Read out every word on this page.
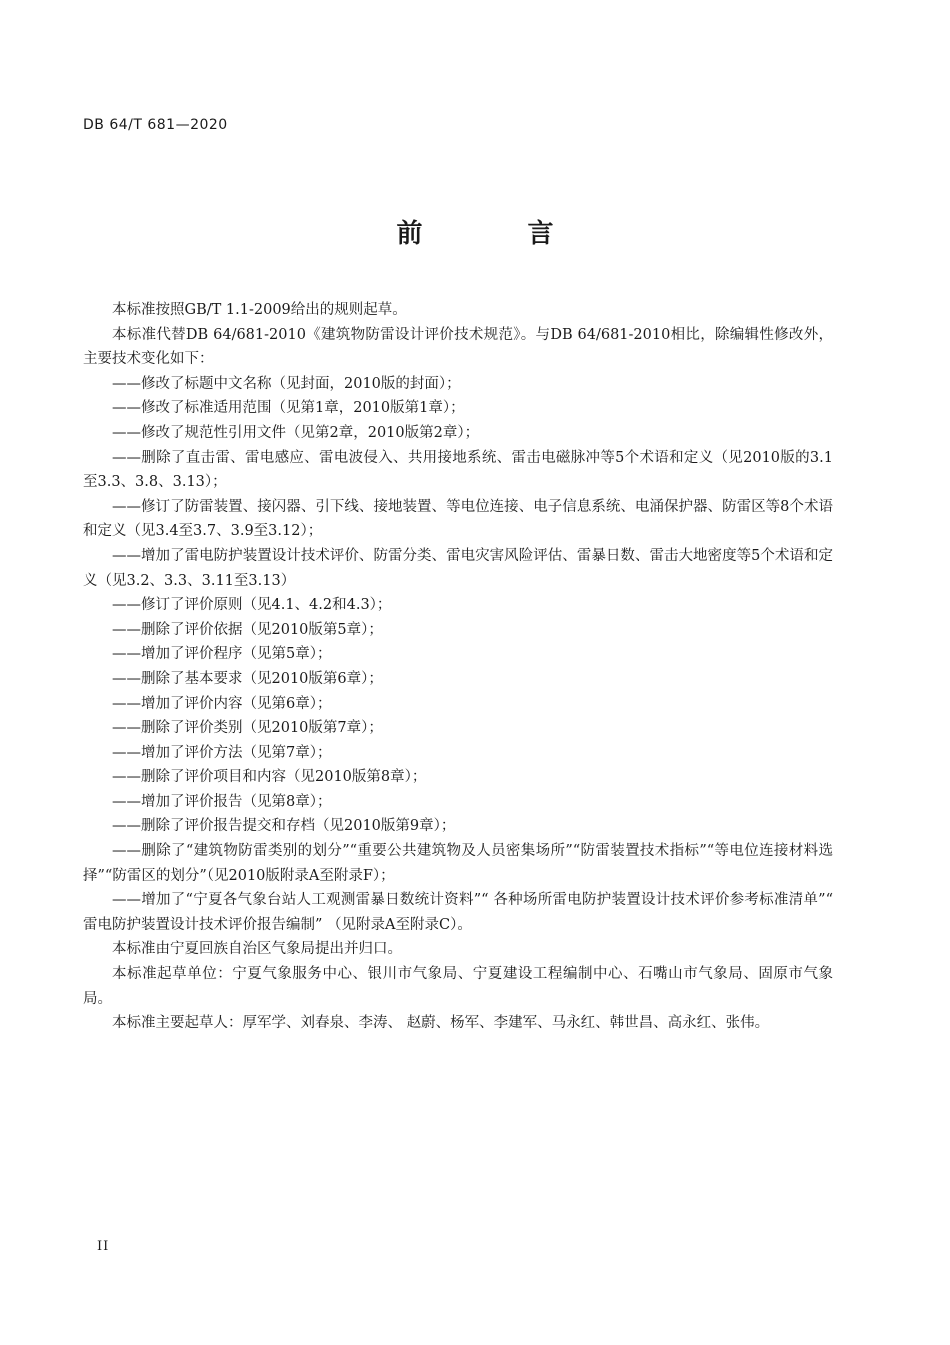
DB 64/T 681—2020
前 言

本标准按照GB/T 1.1-2009给出的规则起草。

本标准代替DB 64/681-2010《建筑物防雷设计评价技术规范》。与DB 64/681-2010相比，除编辑性修改外，主要技术变化如下：

——修改了标题中文名称（见封面，2010版的封面）；

——修改了标准适用范围（见第1章，2010版第1章）；

——修改了规范性引用文件（见第2章，2010版第2章）；

——删除了直击雷、雷电感应、雷电波侵入、共用接地系统、雷击电磁脉冲等5个术语和定义（见2010版的3.1至3.3、3.8、3.13）；

——修订了防雷装置、接闪器、引下线、接地装置、等电位连接、电子信息系统、电涌保护器、防雷区等8个术语和定义（见3.4至3.7、3.9至3.12）；

——增加了雷电防护装置设计技术评价、防雷分类、雷电灾害风险评估、雷暴日数、雷击大地密度等5个术语和定义（见3.2、3.3、3.11至3.13）

——修订了评价原则（见4.1、4.2和4.3）；

——删除了评价依据（见2010版第5章）；

——增加了评价程序（见第5章）；

——删除了基本要求（见2010版第6章）；

——增加了评价内容（见第6章）；

——删除了评价类别（见2010版第7章）；

——增加了评价方法（见第7章）；

——删除了评价项目和内容（见2010版第8章）；

——增加了评价报告（见第8章）；

——删除了评价报告提交和存档（见2010版第9章）；

——删除了“建筑物防雷类别的划分”“重要公共建筑物及人员密集场所”“防雷装置技术指标”“等电位连接材料选择”“防雷区的划分”（见2010版附录A至附录F）；

——增加了“宁夏各气象台站人工观测雷暴日数统计资料”“ 各种场所雷电防护装置设计技术评价参考标准清单”“ 雷电防护装置设计技术评价报告编制” （见附录A至附录C）。

本标准由宁夏回族自治区气象局提出并归口。

本标准起草单位：宁夏气象服务中心、银川市气象局、宁夏建设工程编制中心、石嘴山市气象局、固原市气象局。

本标准主要起草人：厚军学、刘春泉、李涛、 赵蔚、杨军、李建军、马永红、韩世昌、高永红、张伟。

II
